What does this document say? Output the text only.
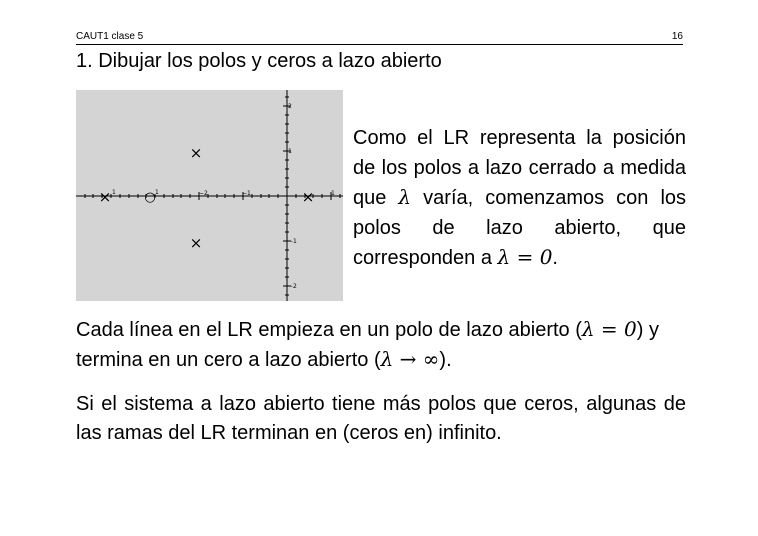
CAUT1 clase 5	16
1. Dibujar los polos y ceros a lazo abierto
−2	−1	1
2
1
−1
−2
1	1
×
×
×
×
○
Como el LR representa la posición de los polos a lazo cerrado a medida que λ varía, comenzamos con los polos de lazo abierto, que corresponden a λ = 0.
Cada línea en el LR empieza en un polo de lazo abierto (λ = 0) y termina en un cero a lazo abierto (λ → ∞).
Si el sistema a lazo abierto tiene más polos que ceros, algunas de las ramas del LR terminan en (ceros en) infinito.
